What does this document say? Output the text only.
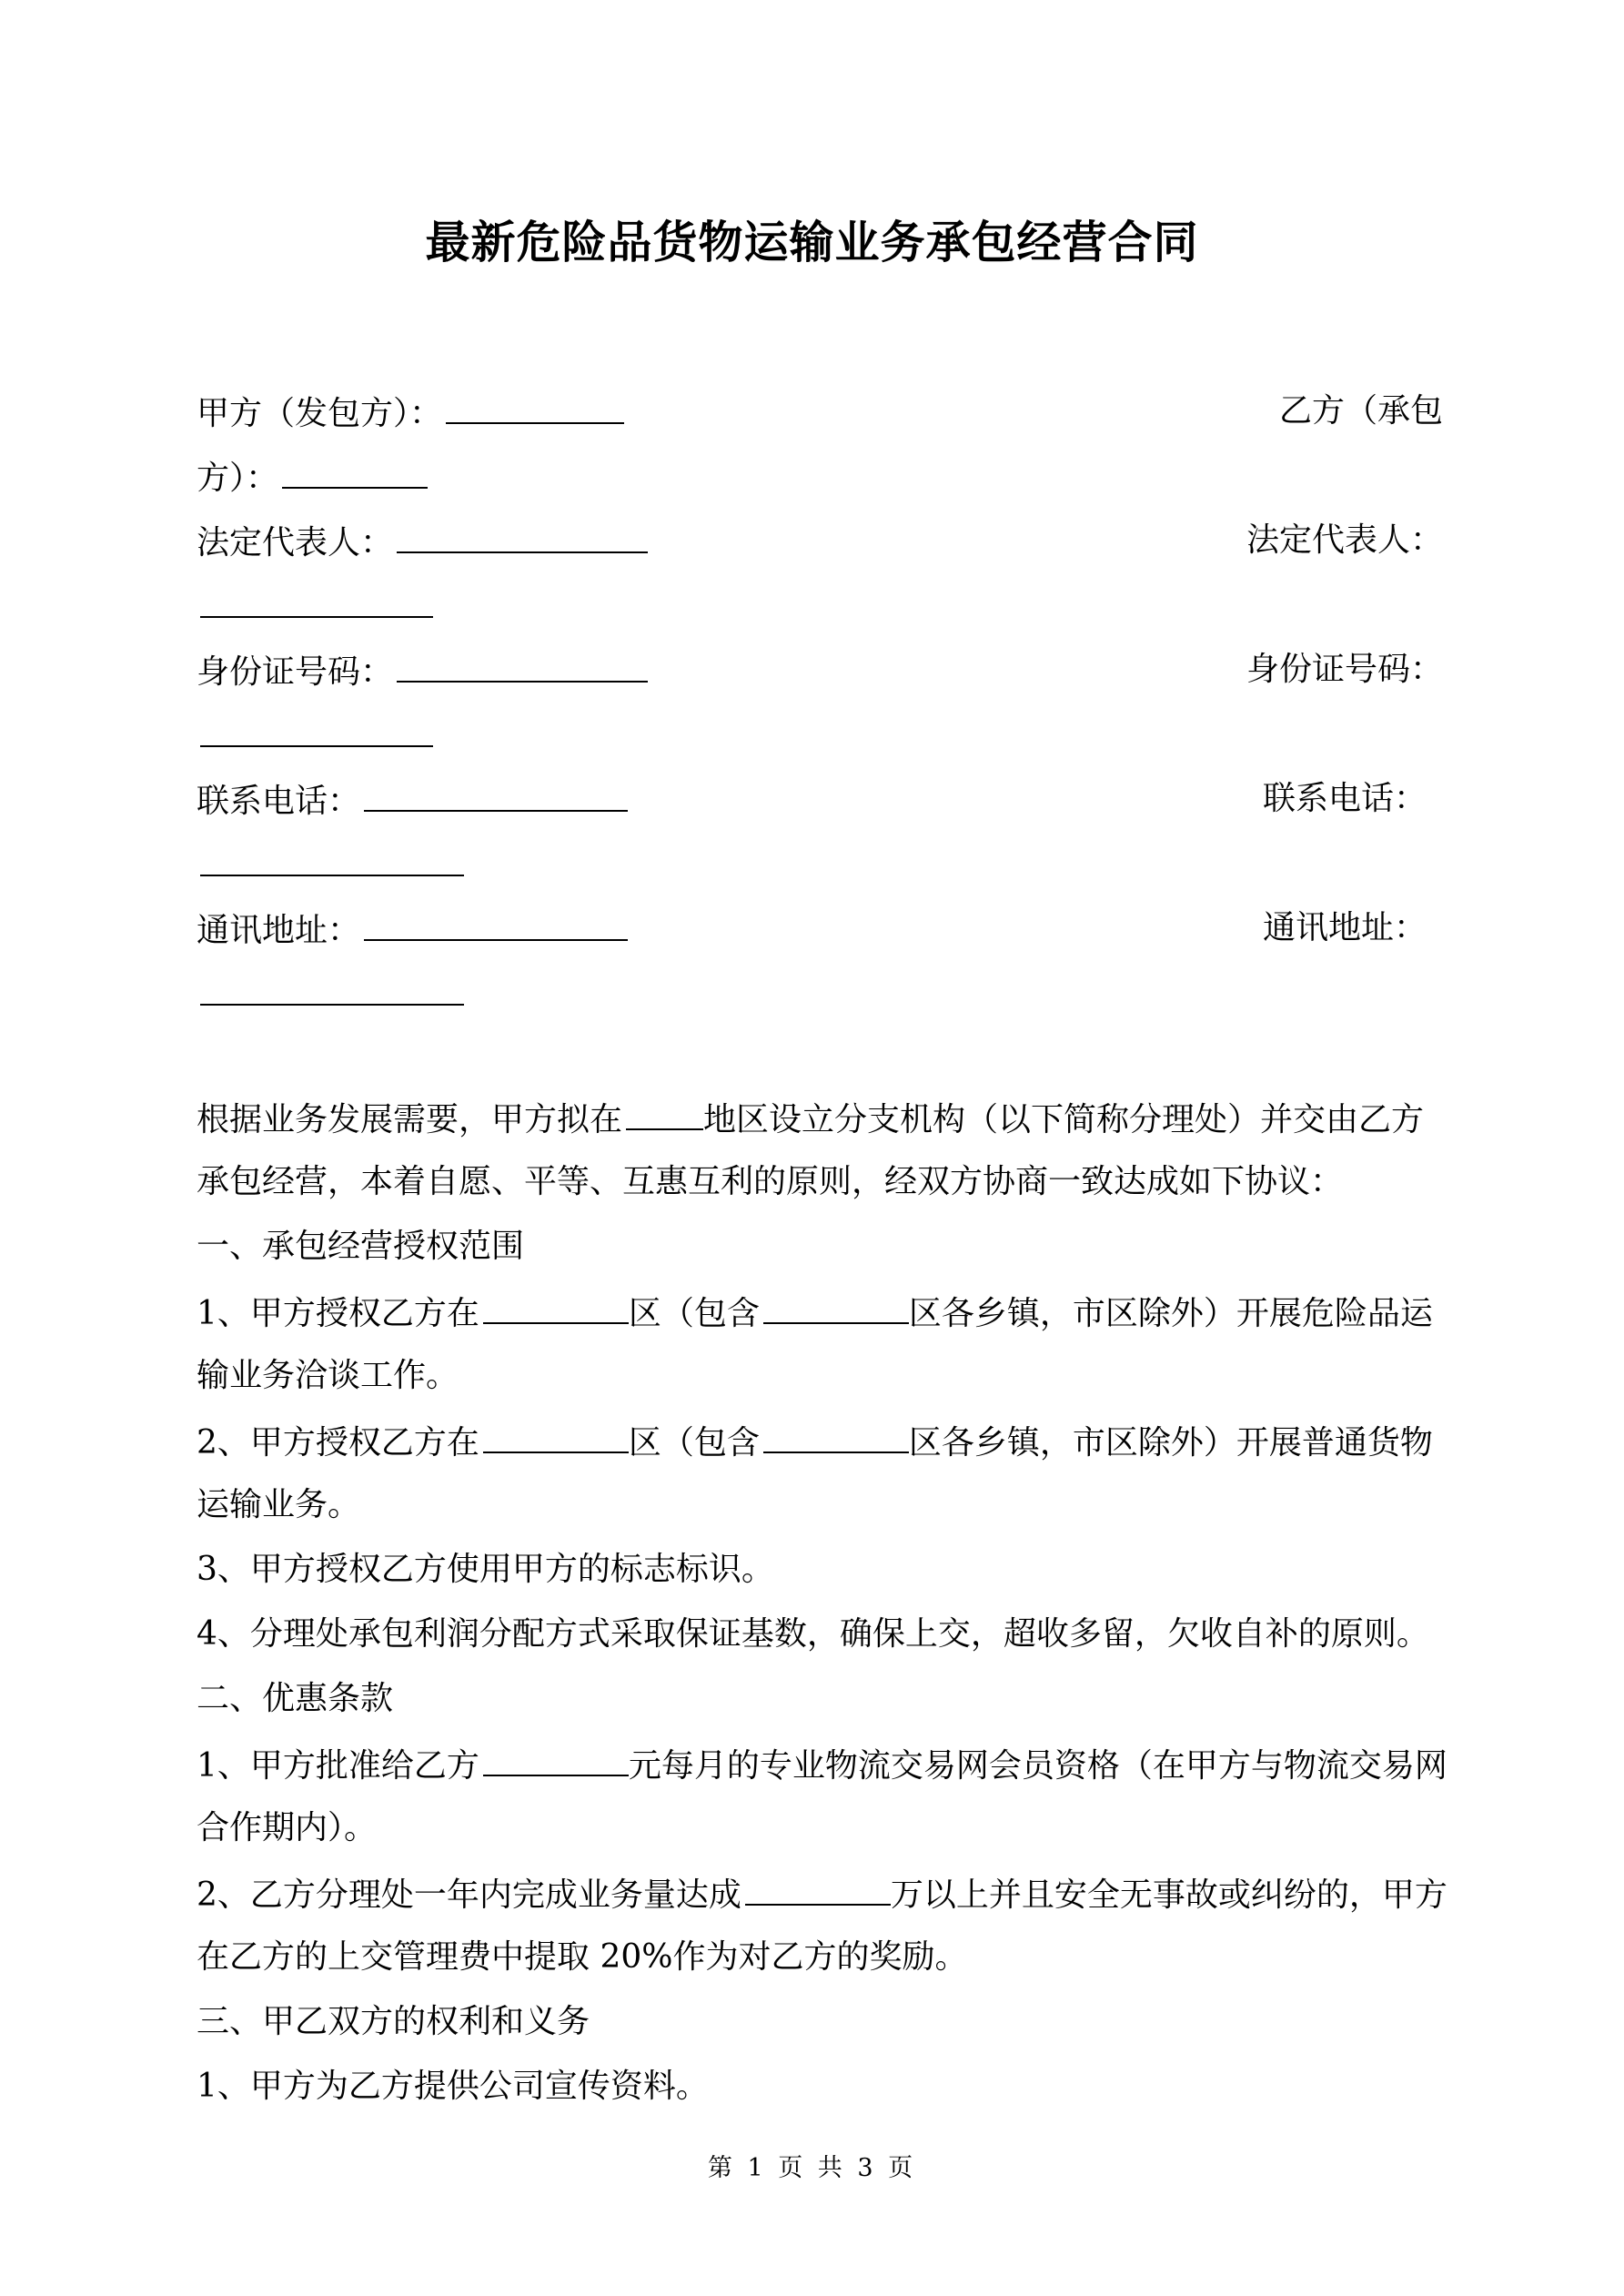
最新危险品货物运输业务承包经营合同
甲方（发包方）：	乙方（承包
方）：
法定代表人：	法定代表人：
身份证号码：	身份证号码：
联系电话：	联系电话：
通讯地址：	通讯地址：
根据业务发展需要，甲方拟在 地区设立分支机构（以下简称分理处）并交由乙方
承包经营，本着自愿、平等、互惠互利的原则，经双方协商一致达成如下协议：
一、承包经营授权范围
1、甲方授权乙方在	区（包含	区各乡镇，市区除外）开展危险品运
输业务洽谈工作。
2、甲方授权乙方在	区（包含	区各乡镇，市区除外）开展普通货物
运输业务。
3、甲方授权乙方使用甲方的标志标识。
4、分理处承包利润分配方式采取保证基数，确保上交，超收多留，欠收自补的原则。
二、优惠条款
1、甲方批准给乙方	元每月的专业物流交易网会员资格（在甲方与物流交易网
合作期内）。
2、乙方分理处一年内完成业务量达成	万以上并且安全无事故或纠纷的，甲方
在乙方的上交管理费中提取 20%作为对乙方的奖励。
三、甲乙双方的权利和义务
1、甲方为乙方提供公司宣传资料。
第 1 页 共 3 页
